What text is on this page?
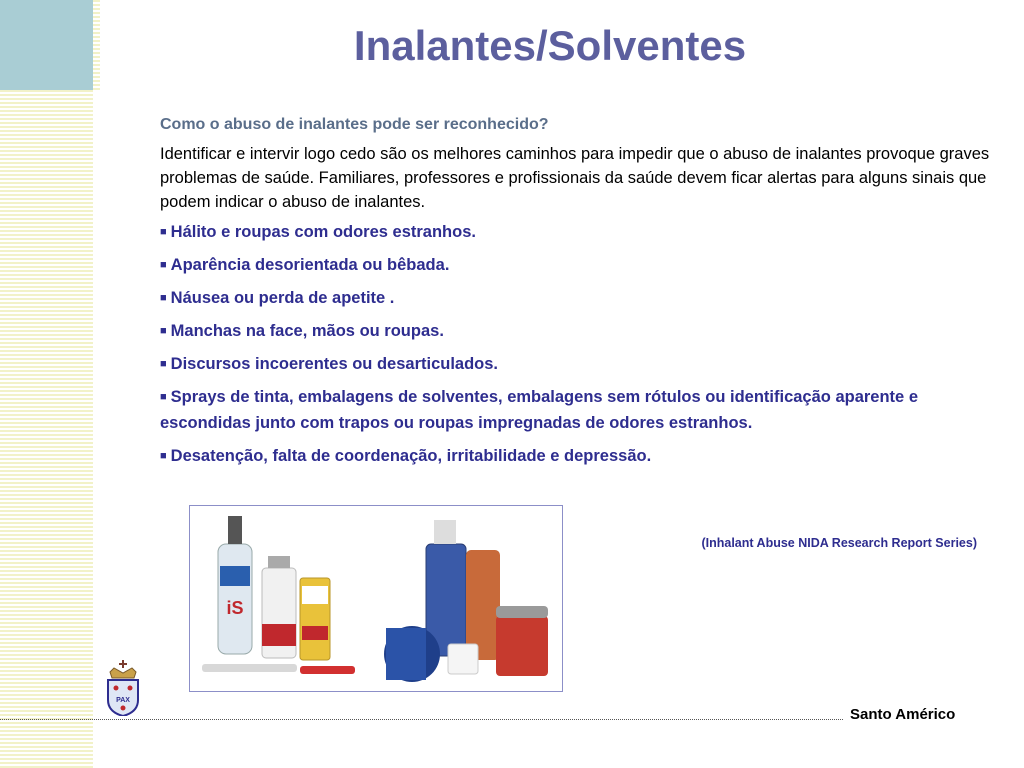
Inalantes/Solventes
Como o abuso de inalantes pode ser reconhecido?
Identificar e intervir logo cedo são os melhores caminhos para impedir que o abuso de inalantes provoque graves problemas de saúde. Familiares, professores e profissionais da saúde devem ficar alertas para alguns sinais que podem indicar o abuso de inalantes.
■ Hálito e roupas com odores estranhos.
■ Aparência desorientada ou bêbada.
■ Náusea ou perda de apetite .
■ Manchas na face, mãos ou roupas.
■ Discursos incoerentes ou desarticulados.
■ Sprays de tinta, embalagens de solventes, embalagens sem rótulos ou identificação aparente e escondidas junto com trapos ou roupas impregnadas de odores estranhos.
■ Desatenção, falta de coordenação, irritabilidade e depressão.
iS
(Inhalant Abuse NIDA Research Report Series)
PAX
Santo Américo
